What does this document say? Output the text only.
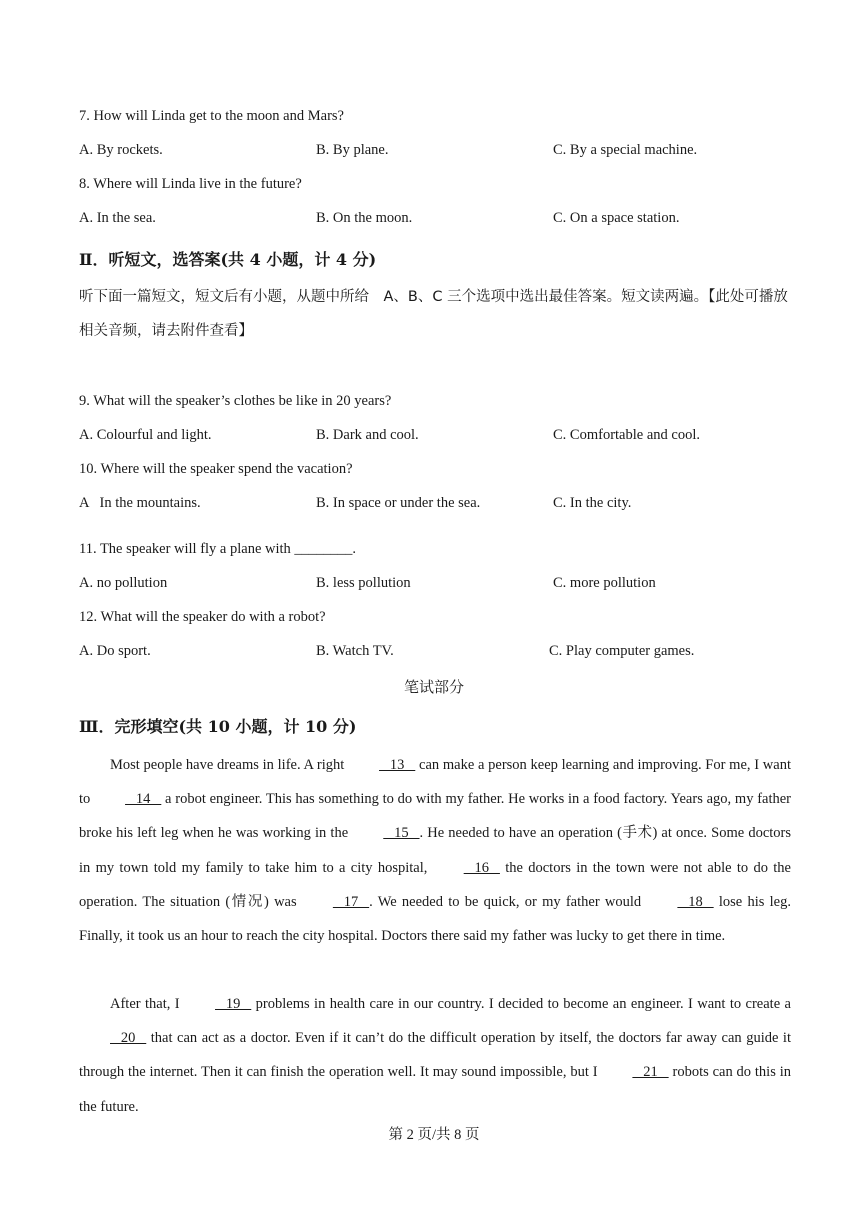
7. How will Linda get to the moon and Mars?
A. By rockets.	B. By plane.	C. By a special machine.
8. Where will Linda live in the future?
A. In the sea.	B. On the moon.	C. On a space station.
Ⅱ．听短文，选答案(共 4 小题，计 4 分)
听下面一篇短文，短文后有小题，从题中所给　A、B、C 三个选项中选出最佳答案。短文读两遍。【此处可播放相关音频，请去附件查看】
9. What will the speaker’s clothes be like in 20 years?
A. Colourful and light.	B. Dark and cool.	C. Comfortable and cool.
10. Where will the speaker spend the vacation?
A   In the mountains.	B. In space or under the sea.	C. In the city.
11. The speaker will fly a plane with ________.
A. no pollution	B. less pollution	C. more pollution
12. What will the speaker do with a robot?
A. Do sport.	B. Watch TV.	C. Play computer games.
笔试部分
Ⅲ．完形填空(共 10 小题，计 10 分)
Most people have dreams in life. A right    13    can make a person keep learning and improving. For me, I want to    14    a robot engineer. This has something to do with my father. He works in a food factory. Years ago, my father broke his left leg when he was working in the    15   . He needed to have an operation (手术) at once. Some doctors in my town told my family to take him to a city hospital,    16    the doctors in the town were not able to do the operation. The situation (情况) was    17   . We needed to be quick, or my father would    18    lose his leg. Finally, it took us an hour to reach the city hospital. Doctors there said my father was lucky to get there in time.
After that, I    19    problems in health care in our country. I decided to become an engineer. I want to create a    20    that can act as a doctor. Even if it can’t do the difficult operation by itself, the doctors far away can guide it through the internet. Then it can finish the operation well. It may sound impossible, but I    21    robots can do this in the future.
第 2 页/共 8 页
